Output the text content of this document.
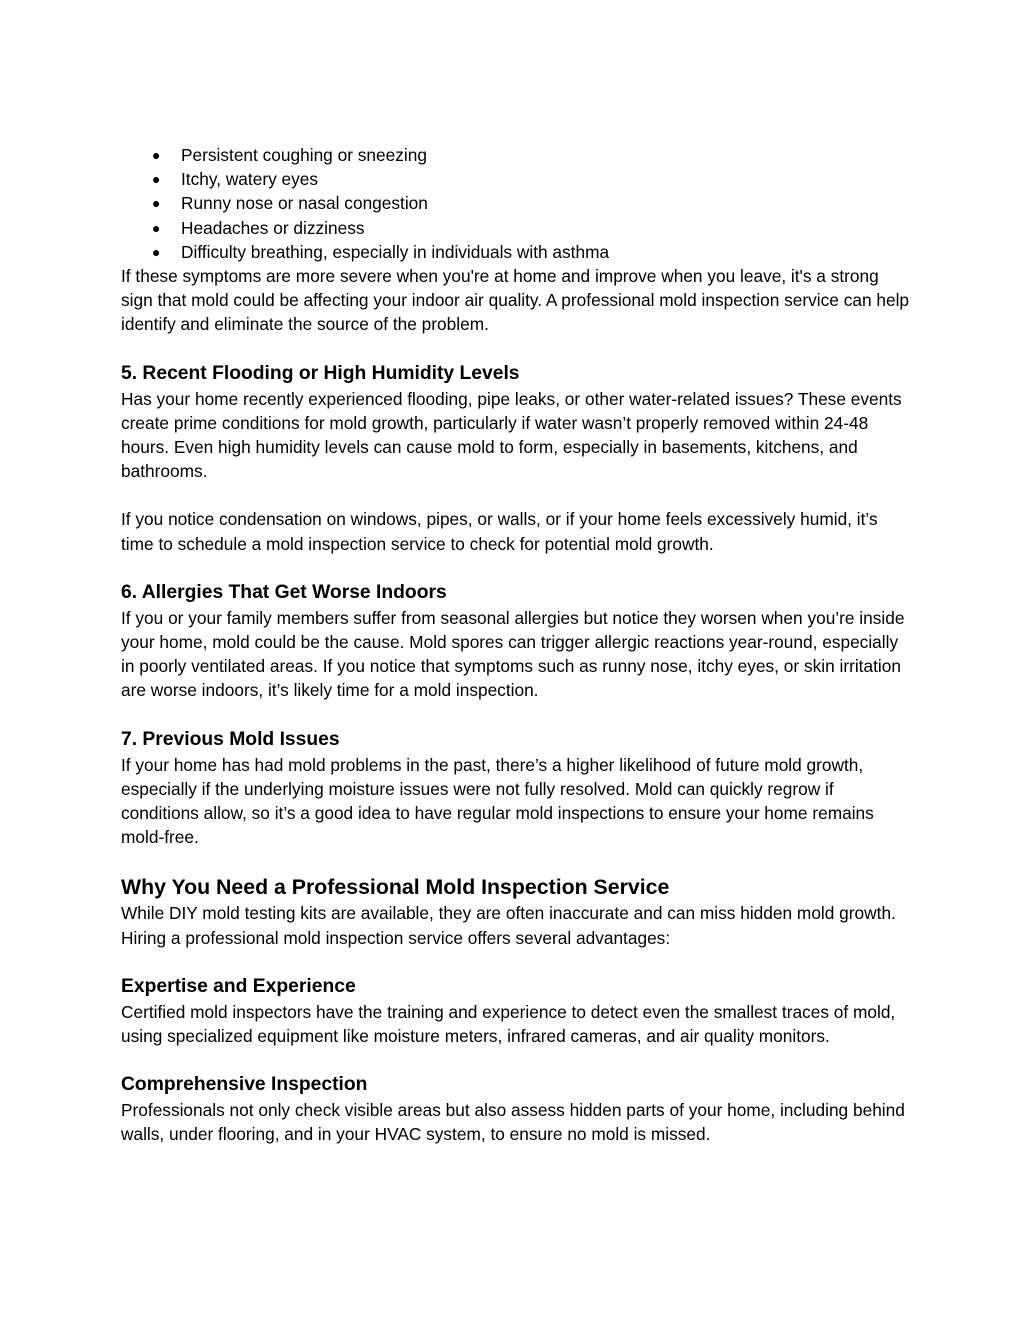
● Persistent coughing or sneezing
● Itchy, watery eyes
● Runny nose or nasal congestion
● Headaches or dizziness
● Difficulty breathing, especially in individuals with asthma

If these symptoms are more severe when you're at home and improve when you leave, it's a strong sign that mold could be affecting your indoor air quality. A professional mold inspection service can help identify and eliminate the source of the problem.

5. Recent Flooding or High Humidity Levels

Has your home recently experienced flooding, pipe leaks, or other water-related issues? These events create prime conditions for mold growth, particularly if water wasn’t properly removed within 24-48 hours. Even high humidity levels can cause mold to form, especially in basements, kitchens, and bathrooms.

If you notice condensation on windows, pipes, or walls, or if your home feels excessively humid, it’s time to schedule a mold inspection service to check for potential mold growth.

6. Allergies That Get Worse Indoors

If you or your family members suffer from seasonal allergies but notice they worsen when you’re inside your home, mold could be the cause. Mold spores can trigger allergic reactions year-round, especially in poorly ventilated areas. If you notice that symptoms such as runny nose, itchy eyes, or skin irritation are worse indoors, it’s likely time for a mold inspection.

7. Previous Mold Issues

If your home has had mold problems in the past, there’s a higher likelihood of future mold growth, especially if the underlying moisture issues were not fully resolved. Mold can quickly regrow if conditions allow, so it’s a good idea to have regular mold inspections to ensure your home remains mold-free.

Why You Need a Professional Mold Inspection Service

While DIY mold testing kits are available, they are often inaccurate and can miss hidden mold growth. Hiring a professional mold inspection service offers several advantages:

Expertise and Experience

Certified mold inspectors have the training and experience to detect even the smallest traces of mold, using specialized equipment like moisture meters, infrared cameras, and air quality monitors.

Comprehensive Inspection

Professionals not only check visible areas but also assess hidden parts of your home, including behind walls, under flooring, and in your HVAC system, to ensure no mold is missed.
